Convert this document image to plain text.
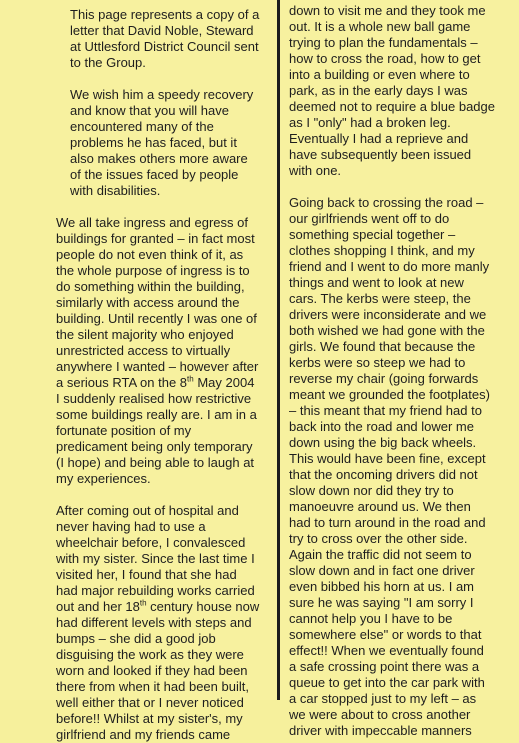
This page represents a copy of a
letter that David Noble, Steward
at Uttlesford District Council sent
to the Group.

We wish him a speedy recovery
and know that you will have
encountered many of the
problems he has faced, but it
also makes others more aware
of the issues faced by people
with disabilities.

We all take ingress and egress of
buildings for granted – in fact most
people do not even think of it, as
the whole purpose of ingress is to
do something within the building,
similarly with access around the
building. Until recently I was one of
the silent majority who enjoyed
unrestricted access to virtually
anywhere I wanted – however after
a serious RTA on the 8th May 2004
I suddenly realised how restrictive
some buildings really are. I am in a
fortunate position of my
predicament being only temporary
(I hope) and being able to laugh at
my experiences.

After coming out of hospital and
never having had to use a
wheelchair before, I convalesced
with my sister. Since the last time I
visited her, I found that she had
had major rebuilding works carried
out and her 18th century house now
had different levels with steps and
bumps – she did a good job
disguising the work as they were
worn and looked if they had been
there from when it had been built,
well either that or I never noticed
before!! Whilst at my sister's, my
girlfriend and my friends came

down to visit me and they took me
out. It is a whole new ball game
trying to plan the fundamentals –
how to cross the road, how to get
into a building or even where to
park, as in the early days I was
deemed not to require a blue badge
as I "only" had a broken leg.
Eventually I had a reprieve and
have subsequently been issued
with one.

Going back to crossing the road –
our girlfriends went off to do
something special together –
clothes shopping I think, and my
friend and I went to do more manly
things and went to look at new
cars. The kerbs were steep, the
drivers were inconsiderate and we
both wished we had gone with the
girls. We found that because the
kerbs were so steep we had to
reverse my chair (going forwards
meant we grounded the footplates)
– this meant that my friend had to
back into the road and lower me
down using the big back wheels.
This would have been fine, except
that the oncoming drivers did not
slow down nor did they try to
manoeuvre around us. We then
had to turn around in the road and
try to cross over the other side.
Again the traffic did not seem to
slow down and in fact one driver
even bibbed his horn at us. I am
sure he was saying "I am sorry I
cannot help you I have to be
somewhere else" or words to that
effect!! When we eventually found
a safe crossing point there was a
queue to get into the car park with
a car stopped just to my left – as
we were about to cross another
driver with impeccable manners
